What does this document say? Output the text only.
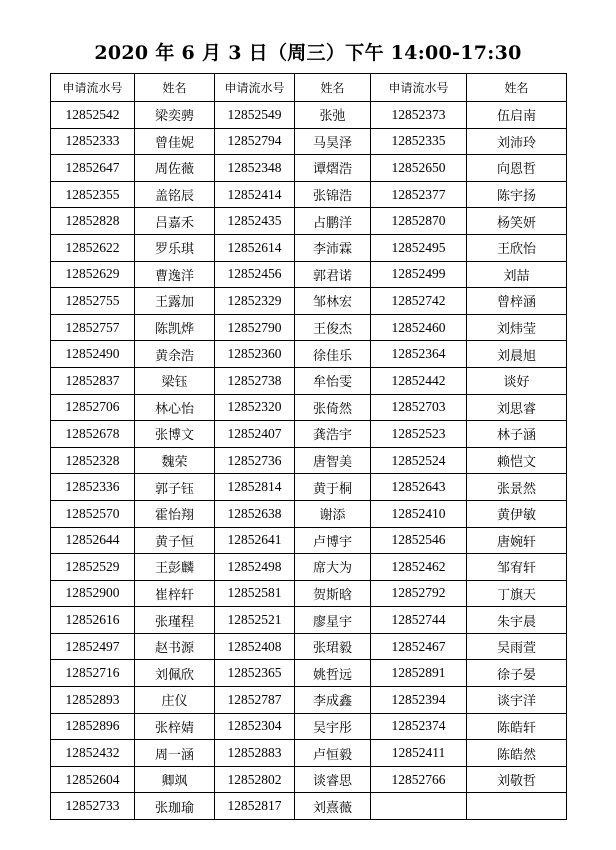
2020 年 6 月 3 日（周三）下午 14:00-17:30
申请流水号	姓名	申请流水号	姓名	申请流水号	姓名
12852542	梁奕骋	12852549	张弛	12852373	伍启南
12852333	曾佳妮	12852794	马昊泽	12852335	刘沛玲
12852647	周佐薇	12852348	谭熠浩	12852650	向恩哲
12852355	盖铭辰	12852414	张锦浩	12852377	陈宇扬
12852828	吕嘉禾	12852435	占鹏洋	12852870	杨笑妍
12852622	罗乐琪	12852614	李沛霖	12852495	王欣怡
12852629	曹逸洋	12852456	郭君诺	12852499	刘喆
12852755	王露加	12852329	邹林宏	12852742	曾梓涵
12852757	陈凯烨	12852790	王俊杰	12852460	刘炜莹
12852490	黄余浩	12852360	徐佳乐	12852364	刘晨旭
12852837	梁钰	12852738	牟怡雯	12852442	谈好
12852706	林心怡	12852320	张倚然	12852703	刘思睿
12852678	张博文	12852407	龚浩宇	12852523	林子涵
12852328	魏荣	12852736	唐智美	12852524	赖恺文
12852336	郭子钰	12852814	黄于桐	12852643	张景然
12852570	霍怡翔	12852638	谢添	12852410	黄伊敏
12852644	黄子恒	12852641	卢博宇	12852546	唐婉轩
12852529	王彭麟	12852498	席大为	12852462	邹宥轩
12852900	崔梓轩	12852581	贺斯晗	12852792	丁旗天
12852616	张瑾程	12852521	廖星宇	12852744	朱宇晨
12852497	赵书源	12852408	张珺毅	12852467	吴雨萱
12852716	刘佩欣	12852365	姚哲远	12852891	徐子晏
12852893	庄仪	12852787	李成鑫	12852394	谈宇洋
12852896	张梓婧	12852304	吴宇彤	12852374	陈皓轩
12852432	周一涵	12852883	卢恒毅	12852411	陈皓然
12852604	卿飒	12852802	谈睿思	12852766	刘敬哲
12852733	张珈瑜	12852817	刘熹薇		
